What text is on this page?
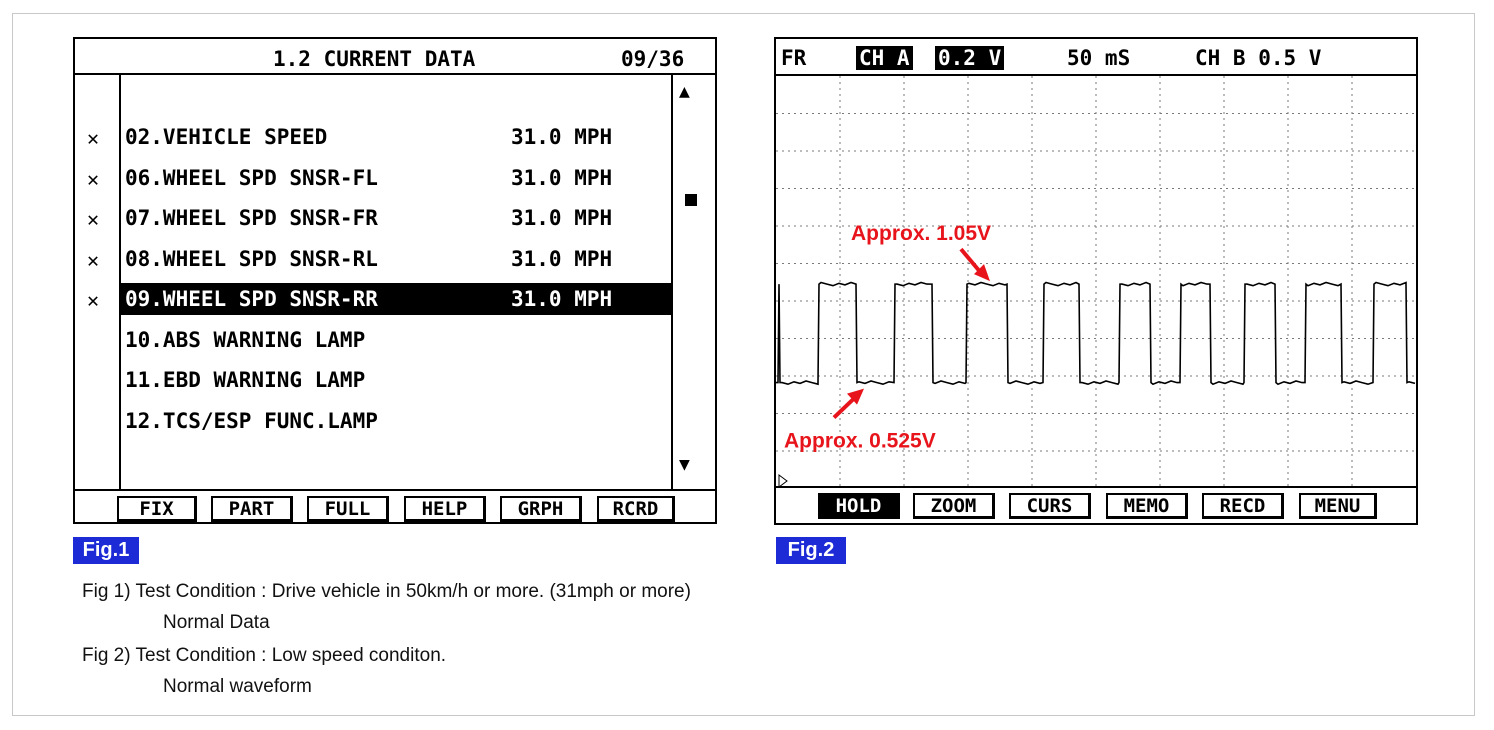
1.2 CURRENT DATA	09/36
✕ 02.VEHICLE SPEED	31.0 MPH
✕ 06.WHEEL SPD SNSR-FL	31.0 MPH
✕ 07.WHEEL SPD SNSR-FR	31.0 MPH
✕ 08.WHEEL SPD SNSR-RL	31.0 MPH
✕ 09.WHEEL SPD SNSR-RR	31.0 MPH
10.ABS WARNING LAMP
11.EBD WARNING LAMP
12.TCS/ESP FUNC.LAMP
▲
▼
FIX	PART	FULL	HELP	GRPH	RCRD
Fig.1
FR	CH A 0.2 V	50 mS	CH B 0.5 V
Approx. 1.05V
Approx. 0.525V
HOLD	ZOOM	CURS	MEMO	RECD	MENU
Fig.2
Fig 1) Test Condition : Drive vehicle in 50km/h or more. (31mph or more)
Normal Data
Fig 2) Test Condition : Low speed conditon.
Normal waveform
